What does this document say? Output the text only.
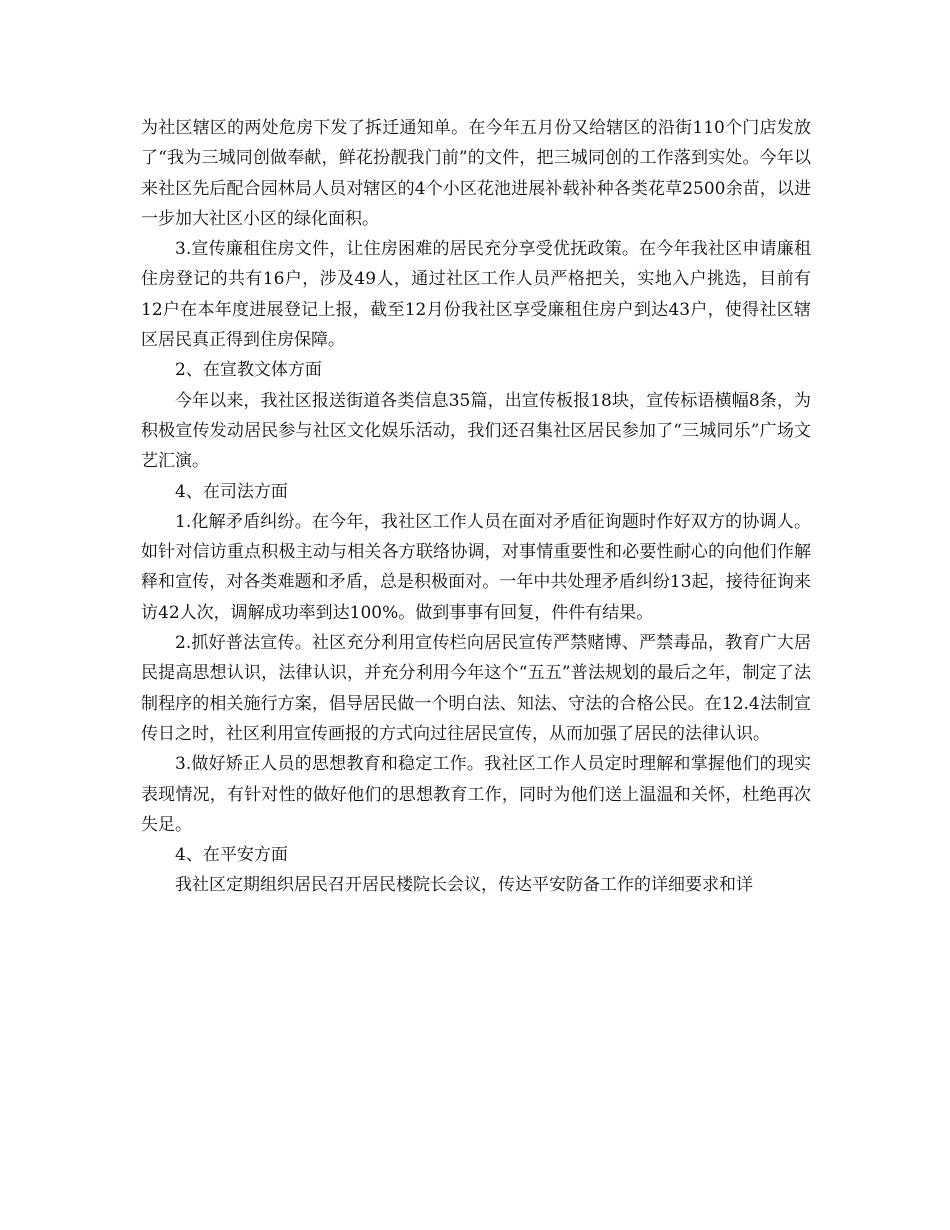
为社区辖区的两处危房下发了拆迁通知单。在今年五月份又给辖区的沿街110个门店发放了“我为三城同创做奉献，鲜花扮靓我门前”的文件，把三城同创的工作落到实处。今年以来社区先后配合园林局人员对辖区的4个小区花池进展补载补种各类花草2500余苗，以进一步加大社区小区的绿化面积。

3.宣传廉租住房文件，让住房困难的居民充分享受优抚政策。在今年我社区申请廉租住房登记的共有16户，涉及49人，通过社区工作人员严格把关，实地入户挑选，目前有12户在本年度进展登记上报，截至12月份我社区享受廉租住房户到达43户，使得社区辖区居民真正得到住房保障。

2、在宣教文体方面

今年以来，我社区报送街道各类信息35篇，出宣传板报18块，宣传标语横幅8条，为积极宣传发动居民参与社区文化娱乐活动，我们还召集社区居民参加了“三城同乐”广场文艺汇演。

4、在司法方面

1.化解矛盾纠纷。在今年，我社区工作人员在面对矛盾征询题时作好双方的协调人。如针对信访重点积极主动与相关各方联络协调，对事情重要性和必要性耐心的向他们作解释和宣传，对各类难题和矛盾，总是积极面对。一年中共处理矛盾纠纷13起，接待征询来访42人次，调解成功率到达100%。做到事事有回复，件件有结果。

2.抓好普法宣传。社区充分利用宣传栏向居民宣传严禁赌博、严禁毒品，教育广大居民提高思想认识，法律认识，并充分利用今年这个“五五”普法规划的最后之年，制定了法制程序的相关施行方案，倡导居民做一个明白法、知法、守法的合格公民。在12.4法制宣传日之时，社区利用宣传画报的方式向过往居民宣传，从而加强了居民的法律认识。

3.做好矫正人员的思想教育和稳定工作。我社区工作人员定时理解和掌握他们的现实表现情况，有针对性的做好他们的思想教育工作，同时为他们送上温温和关怀，杜绝再次失足。

4、在平安方面

我社区定期组织居民召开居民楼院长会议，传达平安防备工作的详细要求和详
